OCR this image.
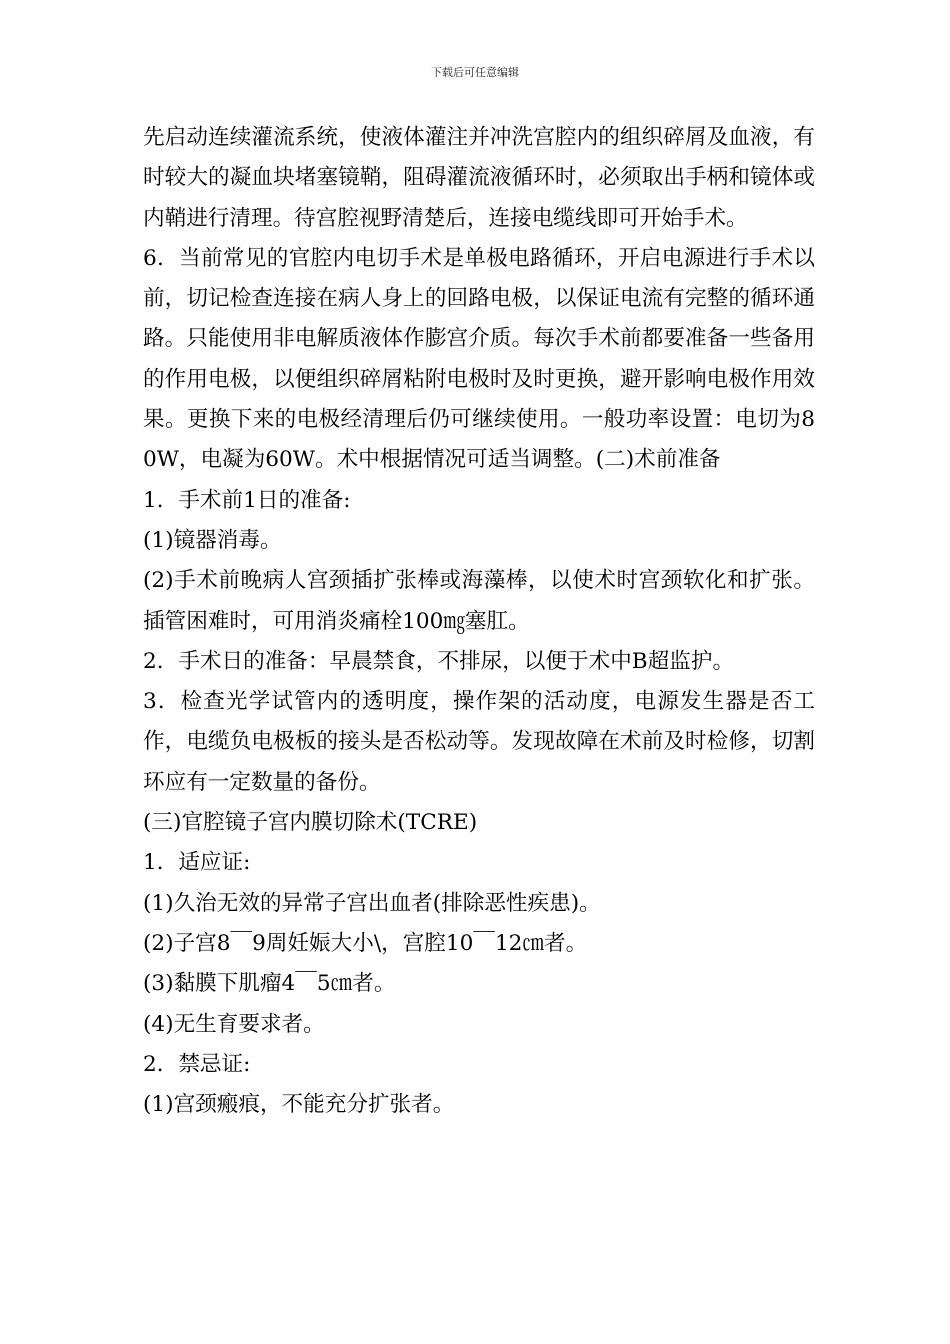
下载后可任意编辑

先启动连续灌流系统，使液体灌注并冲洗宫腔内的组织碎屑及血液，有时较大的凝血块堵塞镜鞘，阻碍灌流液循环时，必须取出手柄和镜体或内鞘进行清理。待宫腔视野清楚后，连接电缆线即可开始手术。

6．当前常见的官腔内电切手术是单极电路循环，开启电源进行手术以前，切记检查连接在病人身上的回路电极，以保证电流有完整的循环通路。只能使用非电解质液体作膨宫介质。每次手术前都要准备一些备用的作用电极，以便组织碎屑粘附电极时及时更换，避开影响电极作用效果。更换下来的电极经清理后仍可继续使用。一般功率设置：电切为80W，电凝为60W。术中根据情况可适当调整。(二)术前准备

1．手术前1日的准备:

(1)镜器消毒。

(2)手术前晚病人宫颈插扩张棒或海藻棒，以使术时宫颈软化和扩张。插管困难时，可用消炎痛栓100㎎塞肛。

2．手术日的准备：早晨禁食，不排尿，以便于术中B超监护。

3．检查光学试管内的透明度，操作架的活动度，电源发生器是否工作，电缆负电极板的接头是否松动等。发现故障在术前及时检修，切割环应有一定数量的备份。

(三)官腔镜子宫内膜切除术(TCRE)

1．适应证:

(1)久治无效的异常子宫出血者(排除恶性疾患)。

(2)子宫8￣9周妊娠大小\，宫腔10￣12㎝者。

(3)黏膜下肌瘤4￣5㎝者。

(4)无生育要求者。

2．禁忌证:

(1)宫颈瘢痕，不能充分扩张者。
